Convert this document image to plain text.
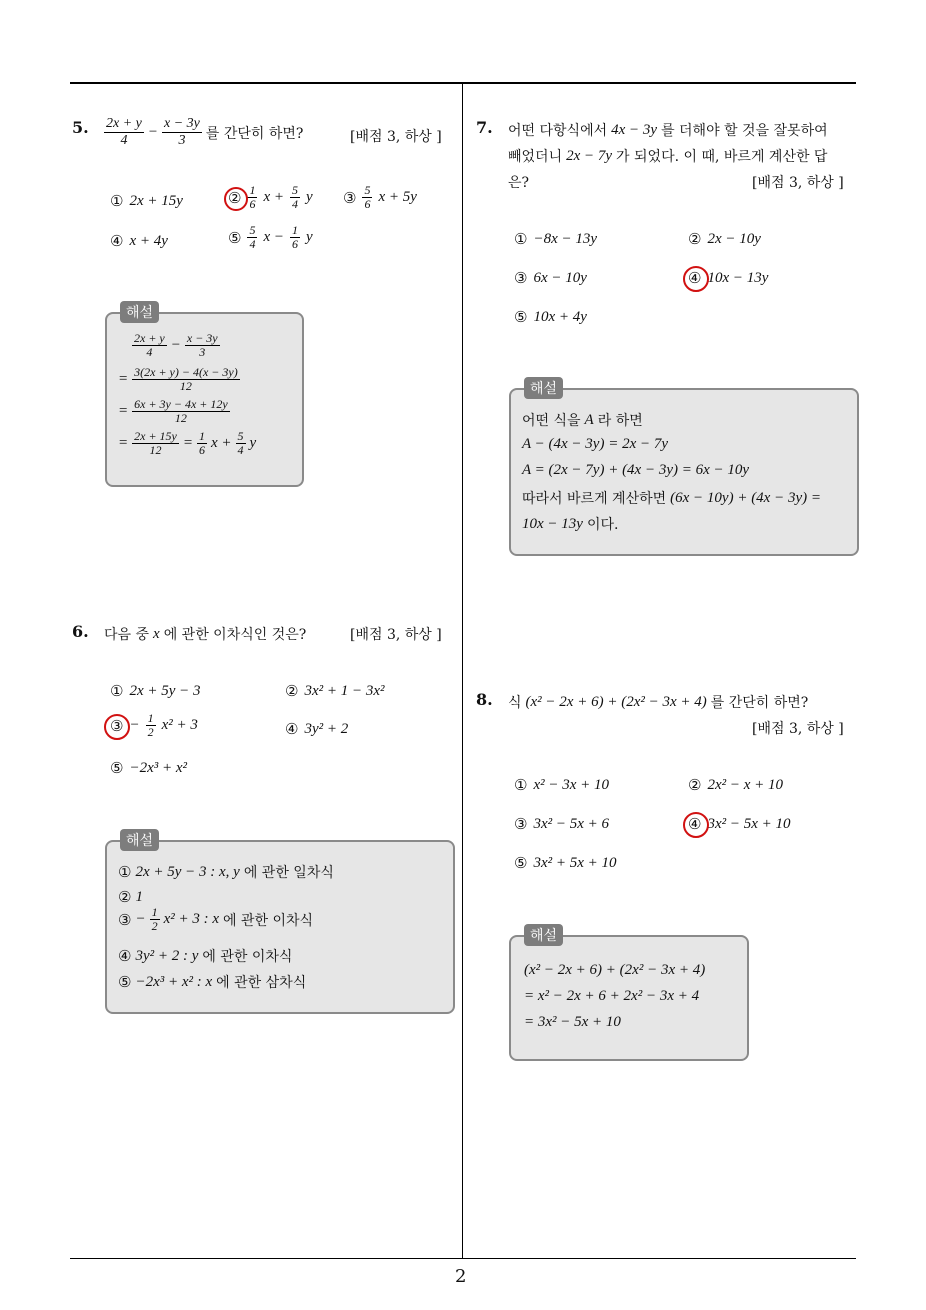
2
5. $\frac{2x + y}{4} - \frac{x - 3y}{3}$ 를 간단히 하면?	[배점 3, 하상 ]
① 2x + 15y	② $\frac{1}{6}$ $x + \frac{5}{4}$ y ③ $\frac{5}{6}$ x + 5y
④ x + 4y	⑤ $\frac{5}{4}$ $x - \frac{1}{6}$ y
해설
$\frac{2x + y}{4} - \frac{x - 3y}{3}$
= $\frac{3(2x + y) - 4(x - 3y)}{12}$
= $\frac{6x + 3y - 4x + 12y}{12}$
= $\frac{2x + 15y}{12} = \frac{1}{6}$ $x + \frac{5}{4}$ y
6. 다음 중 x 에 관한 이차식인 것은?	[배점 3, 하상 ]
① 2x + 5y − 3	② 3x² + 1 − 3x²
③ − $\frac{1}{2} x^2 + 3$	④ 3y² + 2
⑤ −2x³ + x²
해설
① 2x + 5y − 3 : x, y 에 관한 일차식
② 1
③ − $\frac{1}{2} x^2 + 3$ : x 에 관한 이차식
④ 3y² + 2 : y 에 관한 이차식
⑤ −2x³ + x² : x 에 관한 삼차식
7. 어떤 다항식에서 4x − 3y 를 더해야 할 것을 잘못하여
빼었더니 2x − 7y 가 되었다. 이 때, 바르게 계산한 답
은?	[배점 3, 하상 ]
① −8x − 13y	② 2x − 10y
③ 6x − 10y	④ 10x − 13y
⑤ 10x + 4y
해설
어떤 식을 A 라 하면
A − (4x − 3y) = 2x − 7y
A = (2x − 7y) + (4x − 3y) = 6x − 10y
따라서 바르게 계산하면 (6x − 10y) + (4x − 3y) =
10x − 13y 이다.
8. 식 (x² − 2x + 6) + (2x² − 3x + 4) 를 간단히 하면?
[배점 3, 하상 ]
① x² − 3x + 10	② 2x² − x + 10
③ 3x² − 5x + 6	④ 3x² − 5x + 10
⑤ 3x² + 5x + 10
해설
(x² − 2x + 6) + (2x² − 3x + 4)
= x² − 2x + 6 + 2x² − 3x + 4
= 3x² − 5x + 10
